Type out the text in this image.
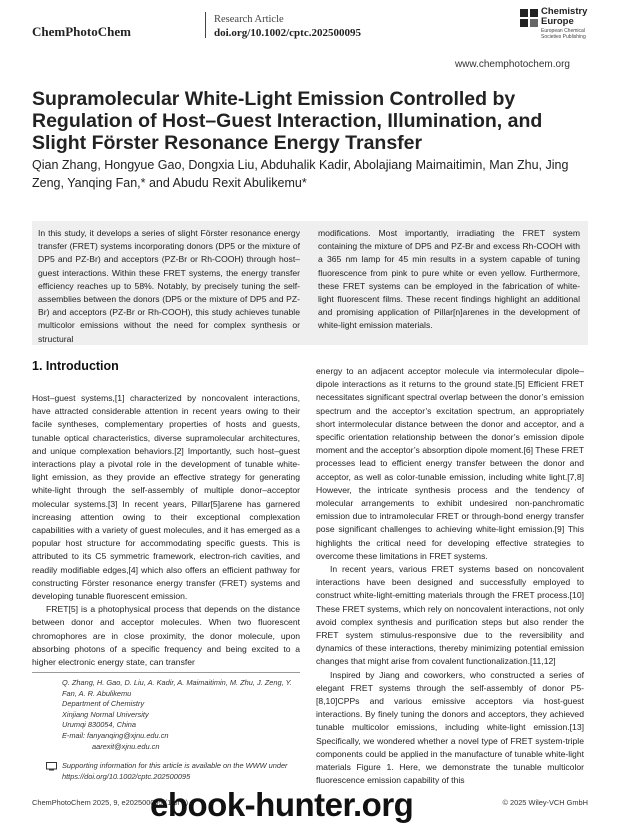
ChemPhotoChem
Research Article
doi.org/10.1002/cptc.202500095
Chemistry
Europe
European Chemical
Societies Publishing
www.chemphotochem.org
Supramolecular White-Light Emission Controlled by Regulation of Host–Guest Interaction, Illumination, and Slight Förster Resonance Energy Transfer
Qian Zhang, Hongyue Gao, Dongxia Liu, Abduhalik Kadir, Abolajiang Maimaitimin, Man Zhu, Jing Zeng, Yanqing Fan,* and Abudu Rexit Abulikemu*

In this study, it develops a series of slight Förster resonance energy transfer (FRET) systems incorporating donors (DP5 or the mixture of DP5 and PZ-Br) and acceptors (PZ-Br or Rh-COOH) through host–guest interactions. Within these FRET systems, the energy transfer efficiency reaches up to 58%. Notably, by precisely tuning the self-assemblies between the donors (DP5 or the mixture of DP5 and PZ-Br) and acceptors (PZ-Br or Rh-COOH), this study achieves tunable multicolor emissions without the need for complex synthesis or structural

modifications. Most importantly, irradiating the FRET system containing the mixture of DP5 and PZ-Br and excess Rh-COOH with a 365 nm lamp for 45 min results in a system capable of tuning fluorescence from pink to pure white or even yellow. Furthermore, these FRET systems can be employed in the fabrication of white-light fluorescent films. These recent findings highlight an additional and promising application of Pillar[n]arenes in the development of white-light emission materials.

1. Introduction

Host–guest systems,[1] characterized by noncovalent interactions, have attracted considerable attention in recent years owing to their facile syntheses, complementary properties of hosts and guests, tunable optical characteristics, diverse supramolecular architectures, and unique complexation behaviors.[2] Importantly, such host–guest interactions play a pivotal role in the development of tunable white-light emission, as they provide an effective strategy for generating white-light through the self-assembly of multiple donor–acceptor molecular systems.[3] In recent years, Pillar[5]arene has garnered increasing attention owing to their exceptional complexation capabilities with a variety of guest molecules, and it has emerged as a popular host structure for accommodating specific guests. This is attributed to its C5 symmetric framework, electron-rich cavities, and readily modifiable edges,[4] which also offers an efficient pathway for constructing Förster resonance energy transfer (FRET) systems and developing tunable fluorescent emission.

FRET[5] is a photophysical process that depends on the distance between donor and acceptor molecules. When two fluorescent chromophores are in close proximity, the donor molecule, upon absorbing photons of a specific frequency and being excited to a higher electronic energy state, can transfer

energy to an adjacent acceptor molecule via intermolecular dipole–dipole interactions as it returns to the ground state.[5] Efficient FRET necessitates significant spectral overlap between the donor’s emission spectrum and the acceptor’s excitation spectrum, an appropriately short intermolecular distance between the donor and acceptor, and a specific orientation relationship between the donor’s emission dipole moment and the acceptor’s absorption dipole moment.[6] These FRET processes lead to efficient energy transfer between the donor and acceptor, as well as color-tunable emission, including white light.[7,8] However, the intricate synthesis process and the tendency of molecular arrangements to exhibit undesired non-panchromatic emission due to intramolecular FRET or through-bond energy transfer pose significant challenges to achieving white-light emission.[9] This highlights the critical need for developing effective strategies to overcome these limitations in FRET systems.

In recent years, various FRET systems based on noncovalent interactions have been designed and successfully employed to construct white-light-emitting materials through the FRET process.[10] These FRET systems, which rely on noncovalent interactions, not only avoid complex synthesis and purification steps but also render the FRET system stimulus-responsive due to the reversibility and dynamics of these interactions, thereby minimizing potential emission changes that might arise from covalent functionalization.[11,12]

Inspired by Jiang and coworkers, who constructed a series of elegant FRET systems through the self-assembly of donor P5-[8,10]CPPs and various emissive acceptors via host-guest interactions. By finely tuning the donors and acceptors, they achieved tunable multicolor emissions, including white-light emission.[13] Specifically, we wondered whether a novel type of FRET system-triple components could be applied in the manufacture of tunable white-light materials Figure 1. Here, we demonstrate the tunable multicolor fluorescence emission capability of this

Q. Zhang, H. Gao, D. Liu, A. Kadir, A. Maimaitimin, M. Zhu, J. Zeng, Y. Fan, A. R. Abulikemu
Department of Chemistry
Xinjiang Normal University
Urumqi 830054, China
E-mail: fanyanqing@xjnu.edu.cn
aarexit@xjnu.edu.cn
Supporting information for this article is available on the WWW under https://doi.org/10.1002/cptc.202500095
ChemPhotoChem 2025, 9, e202500095 (1 of 9)	© 2025 Wiley-VCH GmbH
ebook-hunter.org
